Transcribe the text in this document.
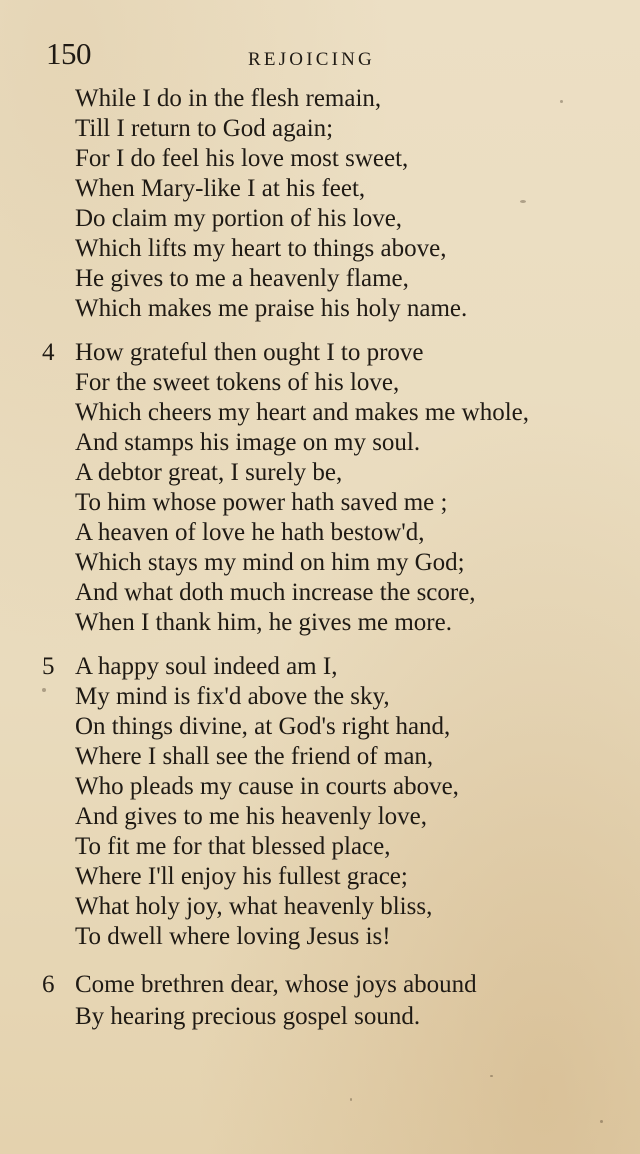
150	REJOICING
While I do in the flesh remain,
Till I return to God again;
For I do feel his love most sweet,
When Mary-like I at his feet,
Do claim my portion of his love,
Which lifts my heart to things above,
He gives to me a heavenly flame,
Which makes me praise his holy name.
4 How grateful then ought I to prove
For the sweet tokens of his love,
Which cheers my heart and makes me whole,
And stamps his image on my soul.
A debtor great, I surely be,
To him whose power hath saved me ;
A heaven of love he hath bestow'd,
Which stays my mind on him my God;
And what doth much increase the score,
When I thank him, he gives me more.
5 A happy soul indeed am I,
My mind is fix'd above the sky,
On things divine, at God's right hand,
Where I shall see the friend of man,
Who pleads my cause in courts above,
And gives to me his heavenly love,
To fit me for that blessed place,
Where I'll enjoy his fullest grace;
What holy joy, what heavenly bliss,
To dwell where loving Jesus is!
6 Come brethren dear, whose joys abound
By hearing precious gospel sound.
